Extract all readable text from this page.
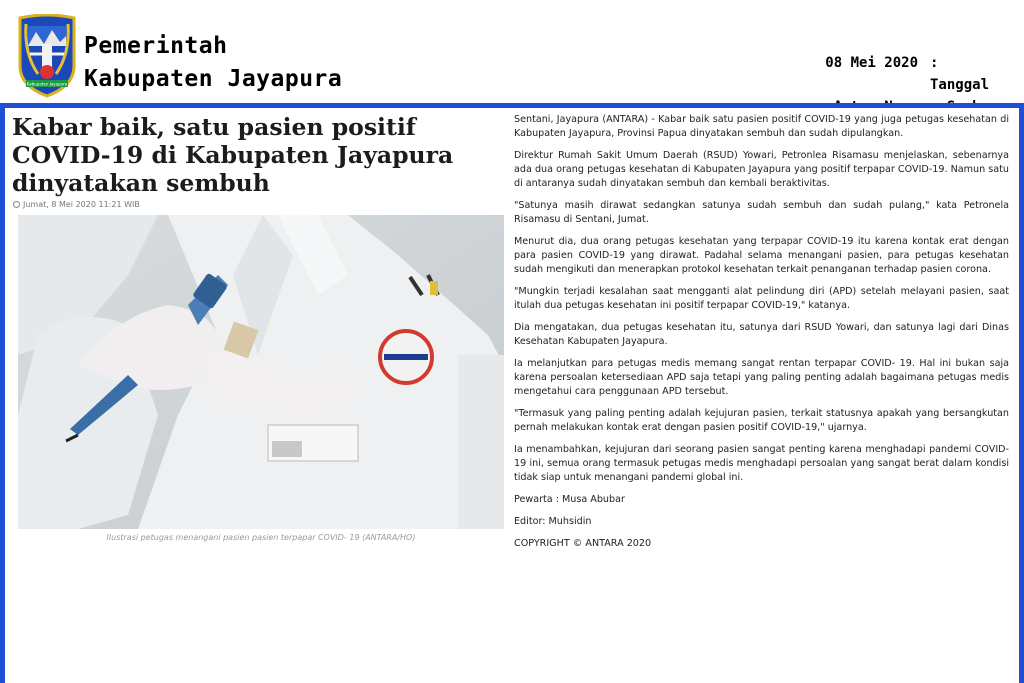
Kabupaten Jayapura
Pemerintah
Kabupaten Jayapura
08 Mei 2020 : Tanggal
Kabar baik, satu pasien positif COVID-19 di Kabupaten Jayapura dinyatakan sembuh
Jumat, 8 Mei 2020 11:21 WIB
Ilustrasi petugas menangani pasien pasien terpapar COVID- 19 (ANTARA/HO)

Sentani, Jayapura (ANTARA) - Kabar baik satu pasien positif COVID-19 yang juga petugas kesehatan di Kabupaten Jayapura, Provinsi Papua dinyatakan sembuh dan sudah dipulangkan.

Direktur Rumah Sakit Umum Daerah (RSUD) Yowari, Petronlea Risamasu menjelaskan, sebenarnya ada dua orang petugas kesehatan di Kabupaten Jayapura yang positif terpapar COVID-19. Namun satu di antaranya sudah dinyatakan sembuh dan kembali beraktivitas.

"Satunya masih dirawat sedangkan satunya sudah sembuh dan sudah pulang," kata Petronela Risamasu di Sentani, Jumat.

Menurut dia, dua orang petugas kesehatan yang terpapar COVID-19 itu karena kontak erat dengan para pasien COVID-19 yang dirawat. Padahal selama menangani pasien, para petugas kesehatan sudah mengikuti dan menerapkan protokol kesehatan terkait penanganan terhadap pasien corona.

"Mungkin terjadi kesalahan saat mengganti alat pelindung diri (APD) setelah melayani pasien, saat itulah dua petugas kesehatan ini positif terpapar COVID-19," katanya.

Dia mengatakan, dua petugas kesehatan itu, satunya dari RSUD Yowari, dan satunya lagi dari Dinas Kesehatan Kabupaten Jayapura.

Ia melanjutkan para petugas medis memang sangat rentan terpapar COVID- 19. Hal ini bukan saja karena persoalan ketersediaan APD saja tetapi yang paling penting adalah bagaimana petugas medis mengetahui cara penggunaan APD tersebut.

"Termasuk yang paling penting adalah kejujuran pasien, terkait statusnya apakah yang bersangkutan pernah melakukan kontak erat dengan pasien positif COVID-19," ujarnya.

Ia menambahkan, kejujuran dari seorang pasien sangat penting karena menghadapi pandemi COVID- 19 ini, semua orang termasuk petugas medis menghadapi persoalan yang sangat berat dalam kondisi tidak siap untuk menangani pandemi global ini.

Pewarta : Musa Abubar

Editor: Muhsidin

COPYRIGHT © ANTARA 2020
